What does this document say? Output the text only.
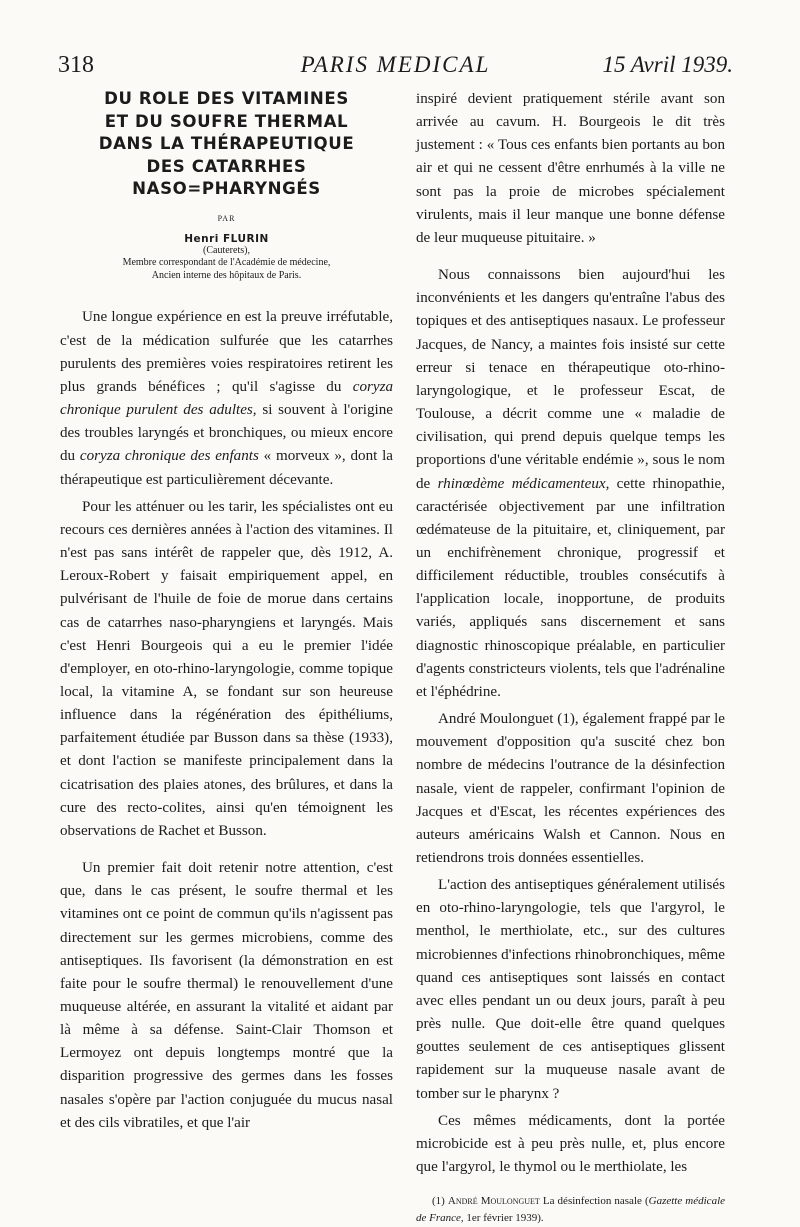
318	PARIS MEDICAL	15 Avril 1939.
DU ROLE DES VITAMINES
ET DU SOUFRE THERMAL
DANS LA THÉRAPEUTIQUE
DES CATARRHES
NASO=PHARYNGÉS
PAR
Henri FLURIN
(Cauterets),
Membre correspondant de l'Académie de médecine,
Ancien interne des hôpitaux de Paris.

Une longue expérience en est la preuve irréfutable, c'est de la médication sulfurée que les catarrhes purulents des premières voies respiratoires retirent les plus grands bénéfices ; qu'il s'agisse du coryza chronique purulent des adultes, si souvent à l'origine des troubles laryngés et bronchiques, ou mieux encore du coryza chronique des enfants « morveux », dont la thérapeutique est particulièrement décevante.

Pour les atténuer ou les tarir, les spécialistes ont eu recours ces dernières années à l'action des vitamines. Il n'est pas sans intérêt de rappeler que, dès 1912, A. Leroux-Robert y faisait empiriquement appel, en pulvérisant de l'huile de foie de morue dans certains cas de catarrhes naso-pharyngiens et laryngés. Mais c'est Henri Bourgeois qui a eu le premier l'idée d'employer, en oto-rhino-laryngologie, comme topique local, la vitamine A, se fondant sur son heureuse influence dans la régénération des épithéliums, parfaitement étudiée par Busson dans sa thèse (1933), et dont l'action se manifeste principalement dans la cicatrisation des plaies atones, des brûlures, et dans la cure des recto-colites, ainsi qu'en témoignent les observations de Rachet et Busson.

Un premier fait doit retenir notre attention, c'est que, dans le cas présent, le soufre thermal et les vitamines ont ce point de commun qu'ils n'agissent pas directement sur les germes microbiens, comme des antiseptiques. Ils favorisent (la démonstration en est faite pour le soufre thermal) le renouvellement d'une muqueuse altérée, en assurant la vitalité et aidant par là même à sa défense. Saint-Clair Thomson et Lermoyez ont depuis longtemps montré que la disparition progressive des germes dans les fosses nasales s'opère par l'action conjuguée du mucus nasal et des cils vibratiles, et que l'air

inspiré devient pratiquement stérile avant son arrivée au cavum. H. Bourgeois le dit très justement : « Tous ces enfants bien portants au bon air et qui ne cessent d'être enrhumés à la ville ne sont pas la proie de microbes spécialement virulents, mais il leur manque une bonne défense de leur muqueuse pituitaire. »

Nous connaissons bien aujourd'hui les inconvénients et les dangers qu'entraîne l'abus des topiques et des antiseptiques nasaux. Le professeur Jacques, de Nancy, a maintes fois insisté sur cette erreur si tenace en thérapeutique oto-rhino-laryngologique, et le professeur Escat, de Toulouse, a décrit comme une « maladie de civilisation, qui prend depuis quelque temps les proportions d'une véritable endémie », sous le nom de rhinœdème médicamenteux, cette rhinopathie, caractérisée objectivement par une infiltration œdémateuse de la pituitaire, et, cliniquement, par un enchifrènement chronique, progressif et difficilement réductible, troubles consécutifs à l'application locale, inopportune, de produits variés, appliqués sans discernement et sans diagnostic rhinoscopique préalable, en particulier d'agents constricteurs violents, tels que l'adrénaline et l'éphédrine.

André Moulonguet (1), également frappé par le mouvement d'opposition qu'a suscité chez bon nombre de médecins l'outrance de la désinfection nasale, vient de rappeler, confirmant l'opinion de Jacques et d'Escat, les récentes expériences des auteurs américains Walsh et Cannon. Nous en retiendrons trois données essentielles.

L'action des antiseptiques généralement utilisés en oto-rhino-laryngologie, tels que l'argyrol, le menthol, le merthiolate, etc., sur des cultures microbiennes d'infections rhinobronchiques, même quand ces antiseptiques sont laissés en contact avec elles pendant un ou deux jours, paraît à peu près nulle. Que doit-elle être quand quelques gouttes seulement de ces antiseptiques glissent rapidement sur la muqueuse nasale avant de tomber sur le pharynx ?

Ces mêmes médicaments, dont la portée microbicide est à peu près nulle, et, plus encore que l'argyrol, le thymol ou le merthiolate, les

(1) André Moulonguet La désinfection nasale (Gazette médicale de France, 1er février 1939).
